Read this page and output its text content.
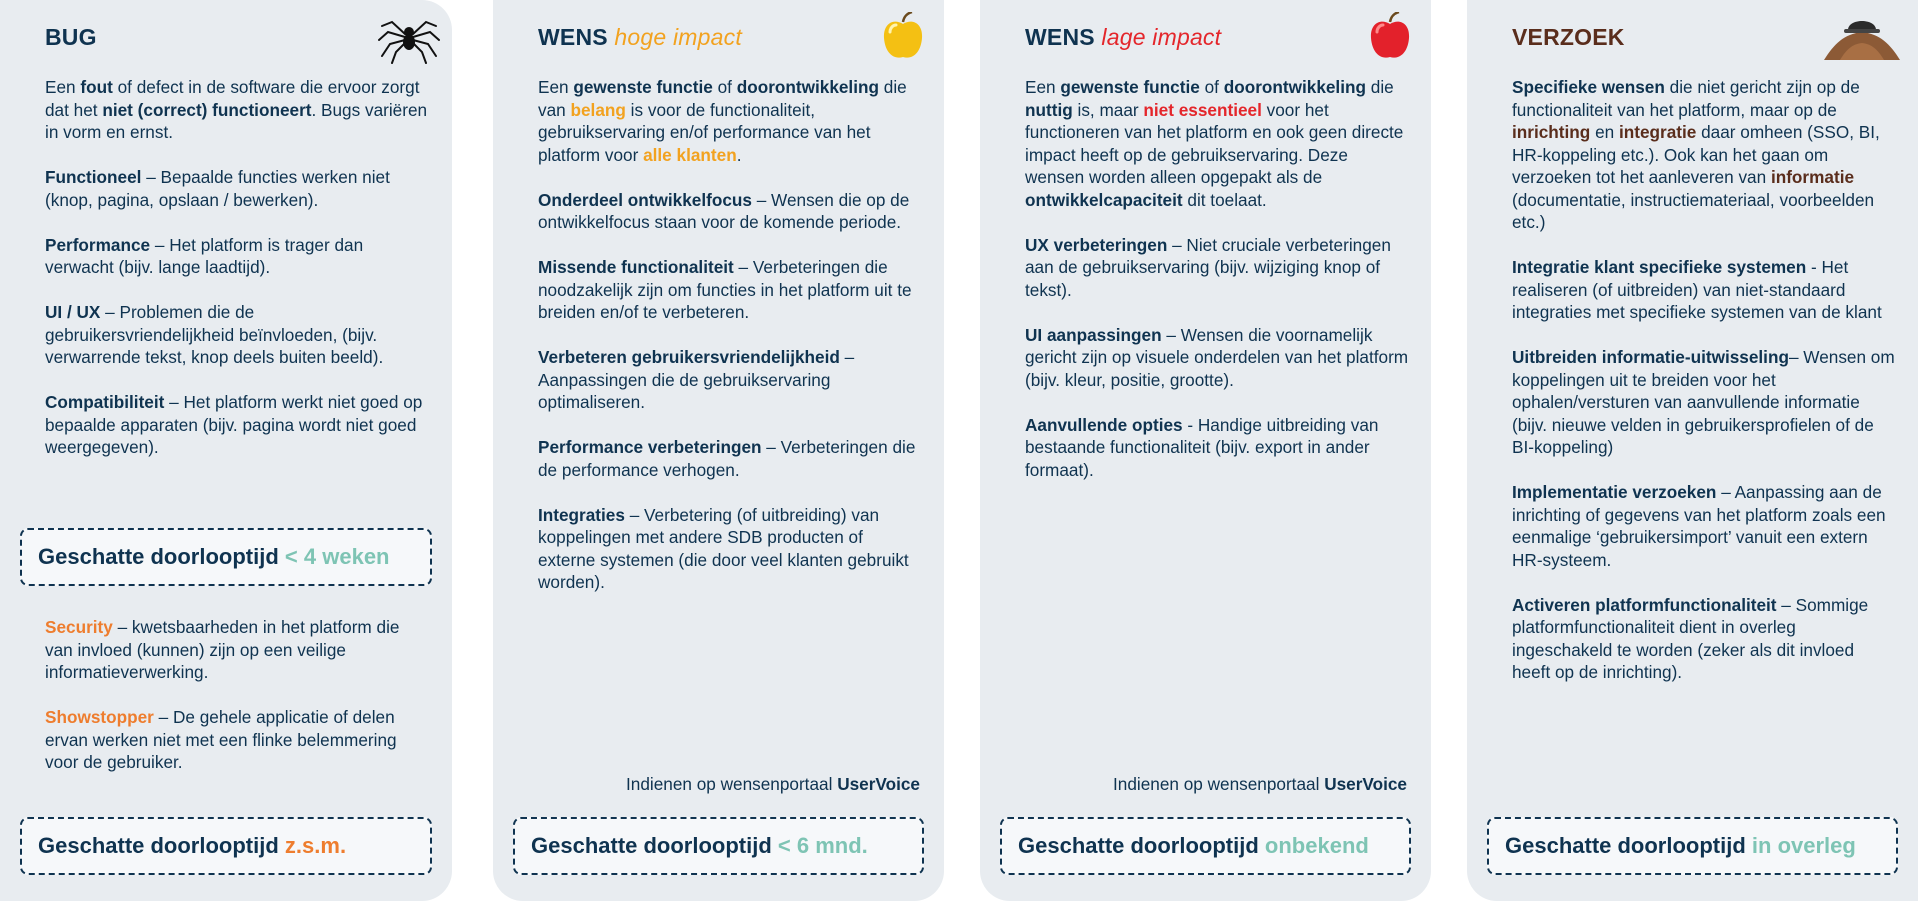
BUG

Een fout of defect in de software die ervoor zorgt dat het niet (correct) functioneert. Bugs variëren in vorm en ernst.

Functioneel – Bepaalde functies werken niet (knop, pagina, opslaan / bewerken).

Performance – Het platform is trager dan verwacht (bijv. lange laadtijd).

UI / UX – Problemen die de gebruikersvriendelijkheid beïnvloeden, (bijv. verwarrende tekst, knop deels buiten beeld).

Compatibiliteit – Het platform werkt niet goed op bepaalde apparaten (bijv. pagina wordt niet goed weergegeven).

Geschatte doorlooptijd
< 4 weken

Security – kwetsbaarheden in het platform die van invloed (kunnen) zijn op een veilige informatieverwerking.

Showstopper – De gehele applicatie of delen ervan werken niet met een flinke belemmering voor de gebruiker.

Geschatte doorlooptijd
z.s.m.
WENS hoge impact

Een gewenste functie of doorontwikkeling die van belang is voor de functionaliteit, gebruikservaring en/of performance van het platform voor alle klanten.

Onderdeel ontwikkelfocus – Wensen die op de ontwikkelfocus staan voor de komende periode.

Missende functionaliteit – Verbeteringen die noodzakelijk zijn om functies in het platform uit te breiden en/of te verbeteren.

Verbeteren gebruikersvriendelijkheid – Aanpassingen die de gebruikservaring optimaliseren.

Performance verbeteringen – Verbeteringen die de performance verhogen.

Integraties – Verbetering (of uitbreiding) van koppelingen met andere SDB producten of externe systemen (die door veel klanten gebruikt worden).

Indienen op wensenportaal UserVoice
Geschatte doorlooptijd
< 6 mnd.
WENS lage impact

Een gewenste functie of doorontwikkeling die nuttig is, maar niet essentieel voor het functioneren van het platform en ook geen directe impact heeft op de gebruikservaring. Deze wensen worden alleen opgepakt als de ontwikkelcapaciteit dit toelaat.

UX verbeteringen – Niet cruciale verbeteringen aan de gebruikservaring (bijv. wijziging knop of tekst).

UI aanpassingen – Wensen die voornamelijk gericht zijn op visuele onderdelen van het platform (bijv. kleur, positie, grootte).

Aanvullende opties - Handige uitbreiding van bestaande functionaliteit (bijv. export in ander formaat).

Indienen op wensenportaal UserVoice
Geschatte doorlooptijd
onbekend
VERZOEK

Specifieke wensen die niet gericht zijn op de functionaliteit van het platform, maar op de inrichting en integratie daar omheen (SSO, BI, HR-koppeling etc.). Ook kan het gaan om verzoeken tot het aanleveren van informatie (documentatie, instructiemateriaal, voorbeelden etc.)

Integratie klant specifieke systemen - Het realiseren (of uitbreiden) van niet-standaard integraties met specifieke systemen van de klant

Uitbreiden informatie-uitwisseling– Wensen om koppelingen uit te breiden voor het ophalen/versturen van aanvullende informatie (bijv. nieuwe velden in gebruikersprofielen of de BI-koppeling)

Implementatie verzoeken – Aanpassing aan de inrichting of gegevens van het platform zoals een eenmalige ‘gebruikersimport’ vanuit een extern HR-systeem.

Activeren platformfunctionaliteit – Sommige platformfunctionaliteit dient in overleg ingeschakeld te worden (zeker als dit invloed heeft op de inrichting).

Geschatte doorlooptijd
in overleg
